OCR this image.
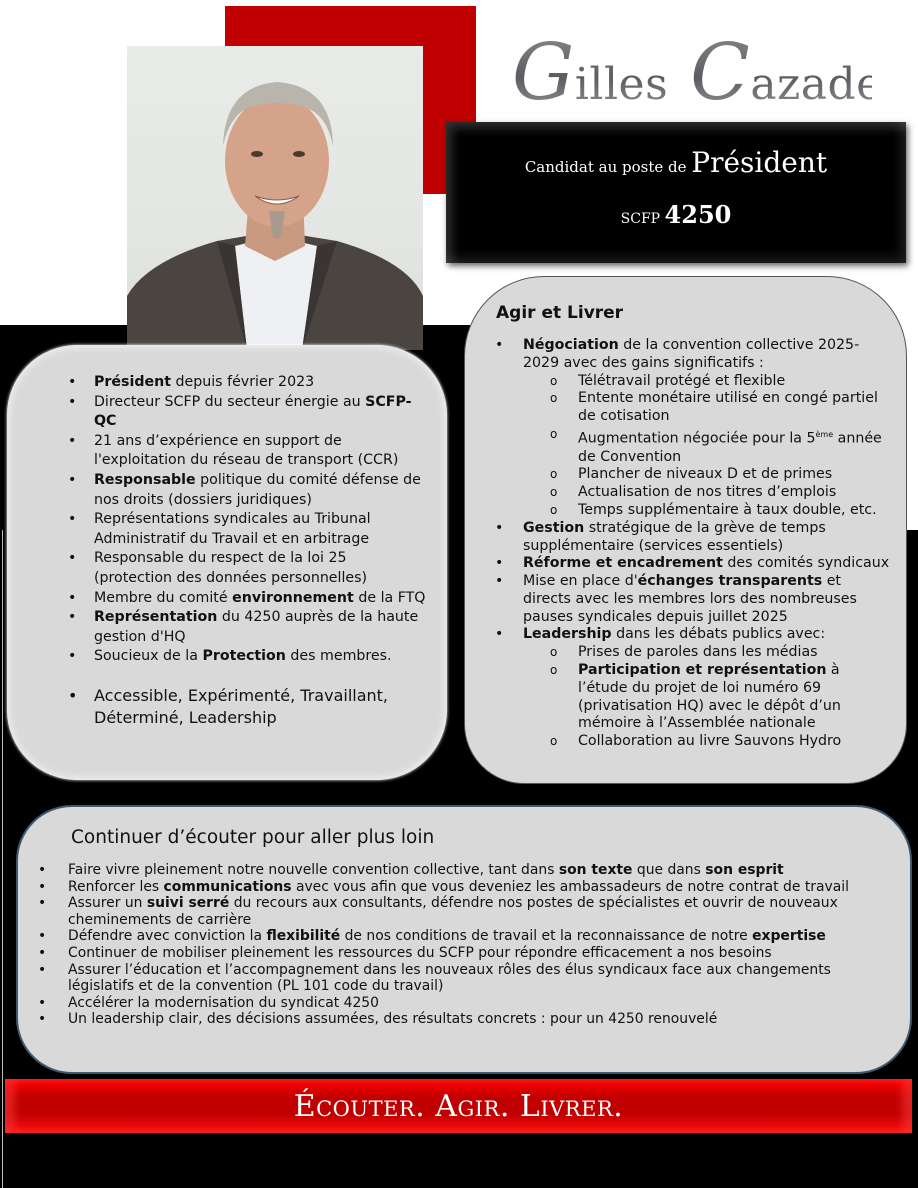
Gilles Cazade
Candidat au poste de Président
SCFP 4250
• Président depuis février 2023
• Directeur SCFP du secteur énergie au SCFP-QC
• 21 ans d’expérience en support de l'exploitation du réseau de transport (CCR)
• Responsable politique du comité défense de nos droits (dossiers juridiques)
• Représentations syndicales au Tribunal Administratif du Travail et en arbitrage
• Responsable du respect de la loi 25 (protection des données personnelles)
• Membre du comité environnement de la FTQ
• Représentation du 4250 auprès de la haute gestion d'HQ
• Soucieux de la Protection des membres.
• Accessible, Expérimenté, Travaillant, Déterminé, Leadership
Agir et Livrer
• Négociation de la convention collective 2025-2029 avec des gains significatifs :
o Télétravail protégé et flexible
o Entente monétaire utilisé en congé partiel de cotisation
o Augmentation négociée pour la 5ème année de Convention
o Plancher de niveaux D et de primes
o Actualisation de nos titres d’emplois
o Temps supplémentaire à taux double, etc.
• Gestion stratégique de la grève de temps supplémentaire (services essentiels)
• Réforme et encadrement des comités syndicaux
• Mise en place d'échanges transparents et directs avec les membres lors des nombreuses pauses syndicales depuis juillet 2025
• Leadership dans les débats publics avec:
o Prises de paroles dans les médias
o Participation et représentation à l’étude du projet de loi numéro 69 (privatisation HQ) avec le dépôt d’un mémoire à l’Assemblée nationale
o Collaboration au livre Sauvons Hydro
Continuer d’écouter pour aller plus loin
• Faire vivre pleinement notre nouvelle convention collective, tant dans son texte que dans son esprit
• Renforcer les communications avec vous afin que vous deveniez les ambassadeurs de notre contrat de travail
• Assurer un suivi serré du recours aux consultants, défendre nos postes de spécialistes et ouvrir de nouveaux cheminements de carrière
• Défendre avec conviction la flexibilité de nos conditions de travail et la reconnaissance de notre expertise
• Continuer de mobiliser pleinement les ressources du SCFP pour répondre efficacement a nos besoins
• Assurer l’éducation et l’accompagnement dans les nouveaux rôles des élus syndicaux face aux changements législatifs et de la convention (PL 101 code du travail)
• Accélérer la modernisation du syndicat 4250
• Un leadership clair, des décisions assumées, des résultats concrets : pour un 4250 renouvelé
Écouter. Agir. Livrer.
